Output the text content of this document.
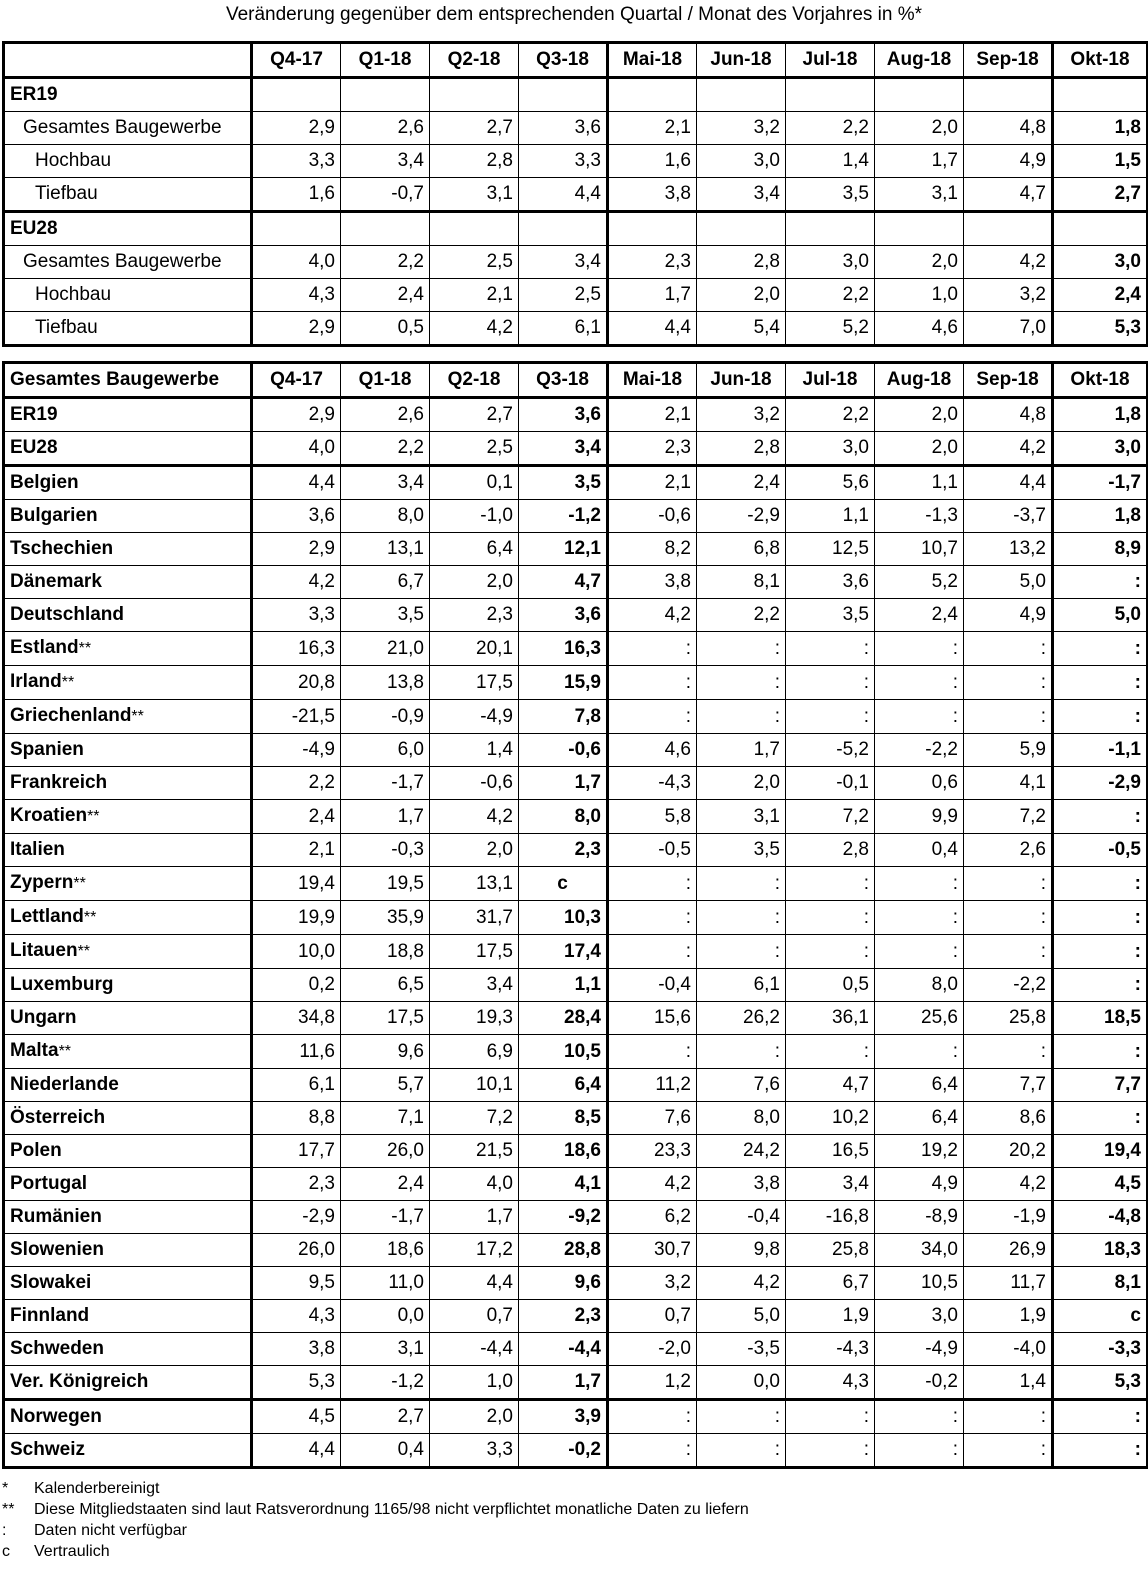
Veränderung gegenüber dem entsprechenden Quartal / Monat des Vorjahres in %*
	Q4-17	Q1-18	Q2-18	Q3-18	Mai-18	Jun-18	Jul-18	Aug-18	Sep-18	Okt-18
ER19										
Gesamtes Baugewerbe	2,9	2,6	2,7	3,6	2,1	3,2	2,2	2,0	4,8	1,8
Hochbau	3,3	3,4	2,8	3,3	1,6	3,0	1,4	1,7	4,9	1,5
Tiefbau	1,6	-0,7	3,1	4,4	3,8	3,4	3,5	3,1	4,7	2,7
EU28										
Gesamtes Baugewerbe	4,0	2,2	2,5	3,4	2,3	2,8	3,0	2,0	4,2	3,0
Hochbau	4,3	2,4	2,1	2,5	1,7	2,0	2,2	1,0	3,2	2,4
Tiefbau	2,9	0,5	4,2	6,1	4,4	5,4	5,2	4,6	7,0	5,3
Gesamtes Baugewerbe	Q4-17	Q1-18	Q2-18	Q3-18	Mai-18	Jun-18	Jul-18	Aug-18	Sep-18	Okt-18
ER19	2,9	2,6	2,7	3,6	2,1	3,2	2,2	2,0	4,8	1,8
EU28	4,0	2,2	2,5	3,4	2,3	2,8	3,0	2,0	4,2	3,0
Belgien	4,4	3,4	0,1	3,5	2,1	2,4	5,6	1,1	4,4	-1,7
Bulgarien	3,6	8,0	-1,0	-1,2	-0,6	-2,9	1,1	-1,3	-3,7	1,8
Tschechien	2,9	13,1	6,4	12,1	8,2	6,8	12,5	10,7	13,2	8,9
Dänemark	4,2	6,7	2,0	4,7	3,8	8,1	3,6	5,2	5,0	:
Deutschland	3,3	3,5	2,3	3,6	4,2	2,2	3,5	2,4	4,9	5,0
Estland**	16,3	21,0	20,1	16,3	:	:	:	:	:	:
Irland**	20,8	13,8	17,5	15,9	:	:	:	:	:	:
Griechenland**	-21,5	-0,9	-4,9	7,8	:	:	:	:	:	:
Spanien	-4,9	6,0	1,4	-0,6	4,6	1,7	-5,2	-2,2	5,9	-1,1
Frankreich	2,2	-1,7	-0,6	1,7	-4,3	2,0	-0,1	0,6	4,1	-2,9
Kroatien**	2,4	1,7	4,2	8,0	5,8	3,1	7,2	9,9	7,2	:
Italien	2,1	-0,3	2,0	2,3	-0,5	3,5	2,8	0,4	2,6	-0,5
Zypern**	19,4	19,5	13,1	c	:	:	:	:	:	:
Lettland**	19,9	35,9	31,7	10,3	:	:	:	:	:	:
Litauen**	10,0	18,8	17,5	17,4	:	:	:	:	:	:
Luxemburg	0,2	6,5	3,4	1,1	-0,4	6,1	0,5	8,0	-2,2	:
Ungarn	34,8	17,5	19,3	28,4	15,6	26,2	36,1	25,6	25,8	18,5
Malta**	11,6	9,6	6,9	10,5	:	:	:	:	:	:
Niederlande	6,1	5,7	10,1	6,4	11,2	7,6	4,7	6,4	7,7	7,7
Österreich	8,8	7,1	7,2	8,5	7,6	8,0	10,2	6,4	8,6	:
Polen	17,7	26,0	21,5	18,6	23,3	24,2	16,5	19,2	20,2	19,4
Portugal	2,3	2,4	4,0	4,1	4,2	3,8	3,4	4,9	4,2	4,5
Rumänien	-2,9	-1,7	1,7	-9,2	6,2	-0,4	-16,8	-8,9	-1,9	-4,8
Slowenien	26,0	18,6	17,2	28,8	30,7	9,8	25,8	34,0	26,9	18,3
Slowakei	9,5	11,0	4,4	9,6	3,2	4,2	6,7	10,5	11,7	8,1
Finnland	4,3	0,0	0,7	2,3	0,7	5,0	1,9	3,0	1,9	c
Schweden	3,8	3,1	-4,4	-4,4	-2,0	-3,5	-4,3	-4,9	-4,0	-3,3
Ver. Königreich	5,3	-1,2	1,0	1,7	1,2	0,0	4,3	-0,2	1,4	5,3
Norwegen	4,5	2,7	2,0	3,9	:	:	:	:	:	:
Schweiz	4,4	0,4	3,3	-0,2	:	:	:	:	:	:
*	Kalenderbereinigt
**	Diese Mitgliedstaaten sind laut Ratsverordnung 1165/98 nicht verpflichtet monatliche Daten zu liefern
:	Daten nicht verfügbar
c	Vertraulich
